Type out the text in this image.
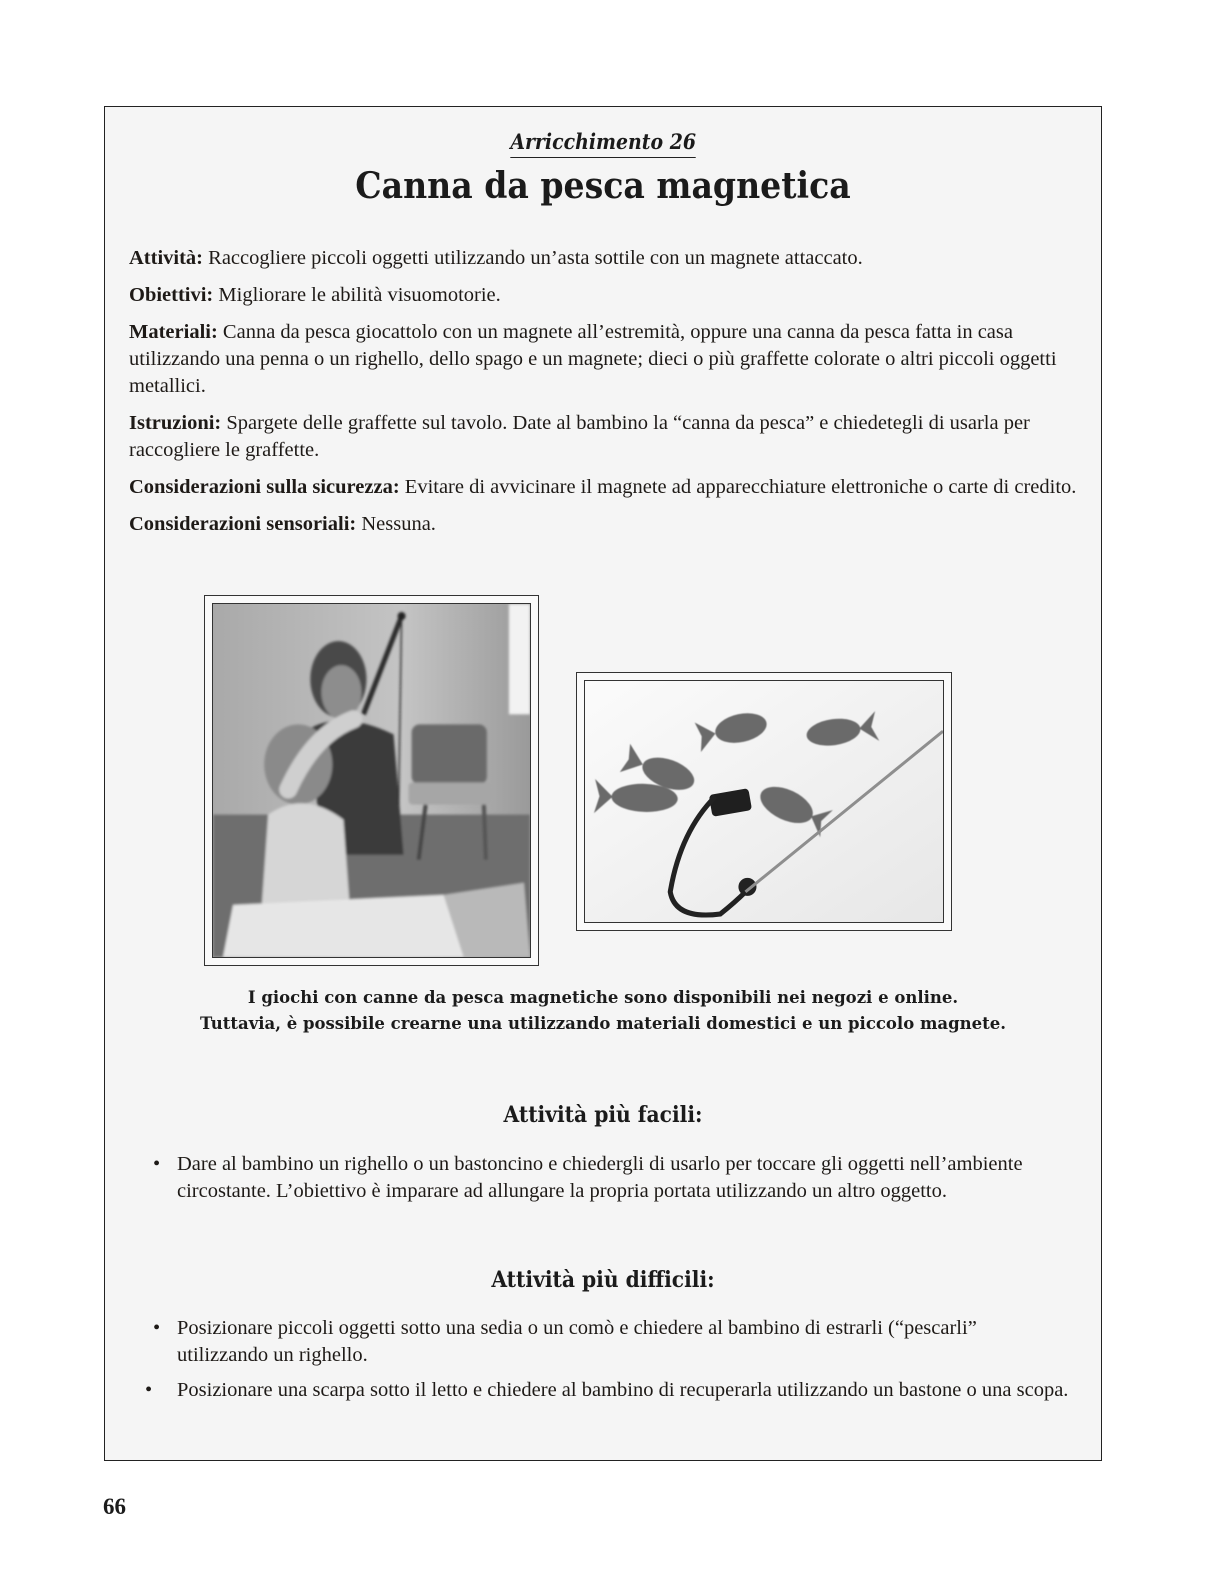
Arricchimento 26
Canna da pesca magnetica

Attività: Raccogliere piccoli oggetti utilizzando un’asta sottile con un magnete attaccato.

Obiettivi: Migliorare le abilità visuomotorie.

Materiali: Canna da pesca giocattolo con un magnete all’estremità, oppure una canna da pesca fatta in casa utilizzando una penna o un righello, dello spago e un magnete; dieci o più graffette colorate o altri piccoli oggetti metallici.

Istruzioni: Spargete delle graffette sul tavolo. Date al bambino la “canna da pesca” e chiedetegli di usarla per raccogliere le graffette.

Considerazioni sulla sicurezza: Evitare di avvicinare il magnete ad apparecchiature elettroniche o carte di credito.

Considerazioni sensoriali: Nessuna.

I giochi con canne da pesca magnetiche sono disponibili nei negozi e online.
Tuttavia, è possibile crearne una utilizzando materiali domestici e un piccolo magnete.
Attività più facili:
• Dare al bambino un righello o un bastoncino e chiedergli di usarlo per toccare gli oggetti nell’ambiente circostante. L’obiettivo è imparare ad allungare la propria portata utilizzando un altro oggetto.
Attività più difficili:
• Posizionare piccoli oggetti sotto una sedia o un comò e chiedere al bambino di estrarli (“pescarli” utilizzando un righello.
• Posizionare una scarpa sotto il letto e chiedere al bambino di recuperarla utilizzando un bastone o una scopa.
66
